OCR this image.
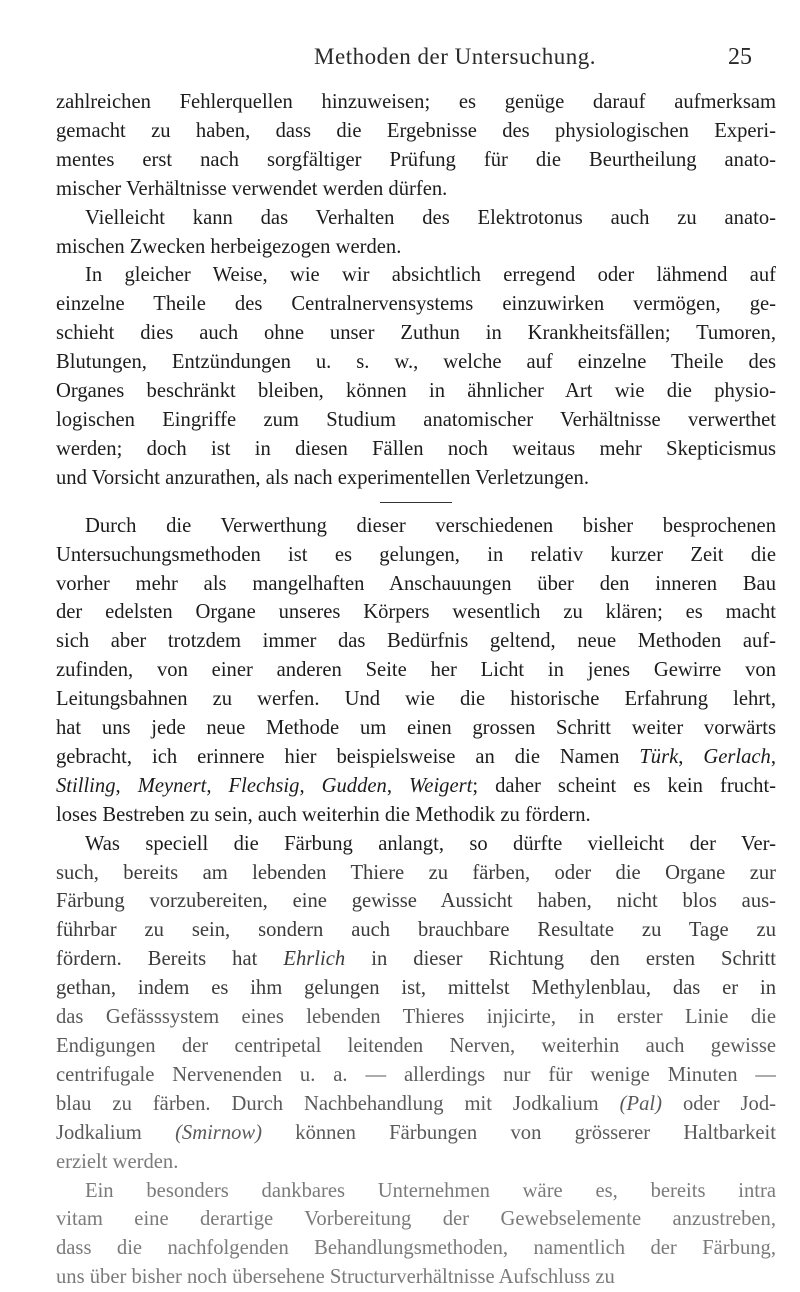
Methoden der Untersuchung.	25
zahlreichen Fehlerquellen hinzuweisen; es genüge darauf aufmerksam
gemacht zu haben, dass die Ergebnisse des physiologischen Experi-
mentes erst nach sorgfältiger Prüfung für die Beurtheilung anato-
mischer Verhältnisse verwendet werden dürfen.
Vielleicht kann das Verhalten des Elektrotonus auch zu anato-
mischen Zwecken herbeigezogen werden.
In gleicher Weise, wie wir absichtlich erregend oder lähmend auf
einzelne Theile des Centralnervensystems einzuwirken vermögen, ge-
schieht dies auch ohne unser Zuthun in Krankheitsfällen; Tumoren,
Blutungen, Entzündungen u. s. w., welche auf einzelne Theile des
Organes beschränkt bleiben, können in ähnlicher Art wie die physio-
logischen Eingriffe zum Studium anatomischer Verhältnisse verwerthet
werden; doch ist in diesen Fällen noch weitaus mehr Skepticismus
und Vorsicht anzurathen, als nach experimentellen Verletzungen.
Durch die Verwerthung dieser verschiedenen bisher besprochenen
Untersuchungsmethoden ist es gelungen, in relativ kurzer Zeit die
vorher mehr als mangelhaften Anschauungen über den inneren Bau
der edelsten Organe unseres Körpers wesentlich zu klären; es macht
sich aber trotzdem immer das Bedürfnis geltend, neue Methoden auf-
zufinden, von einer anderen Seite her Licht in jenes Gewirre von
Leitungsbahnen zu werfen. Und wie die historische Erfahrung lehrt,
hat uns jede neue Methode um einen grossen Schritt weiter vorwärts
gebracht, ich erinnere hier beispielsweise an die Namen Türk, Gerlach,
Stilling, Meynert, Flechsig, Gudden, Weigert; daher scheint es kein frucht-
loses Bestreben zu sein, auch weiterhin die Methodik zu fördern.
Was speciell die Färbung anlangt, so dürfte vielleicht der Ver-
such, bereits am lebenden Thiere zu färben, oder die Organe zur
Färbung vorzubereiten, eine gewisse Aussicht haben, nicht blos aus-
führbar zu sein, sondern auch brauchbare Resultate zu Tage zu
fördern. Bereits hat Ehrlich in dieser Richtung den ersten Schritt
gethan, indem es ihm gelungen ist, mittelst Methylenblau, das er in
das Gefässsystem eines lebenden Thieres injicirte, in erster Linie die
Endigungen der centripetal leitenden Nerven, weiterhin auch gewisse
centrifugale Nervenenden u. a. — allerdings nur für wenige Minuten —
blau zu färben. Durch Nachbehandlung mit Jodkalium (Pal) oder Jod-
Jodkalium (Smirnow) können Färbungen von grösserer Haltbarkeit
erzielt werden.
Ein besonders dankbares Unternehmen wäre es, bereits intra
vitam eine derartige Vorbereitung der Gewebselemente anzustreben,
dass die nachfolgenden Behandlungsmethoden, namentlich der Färbung,
uns über bisher noch übersehene Structurverhältnisse Aufschluss zu
